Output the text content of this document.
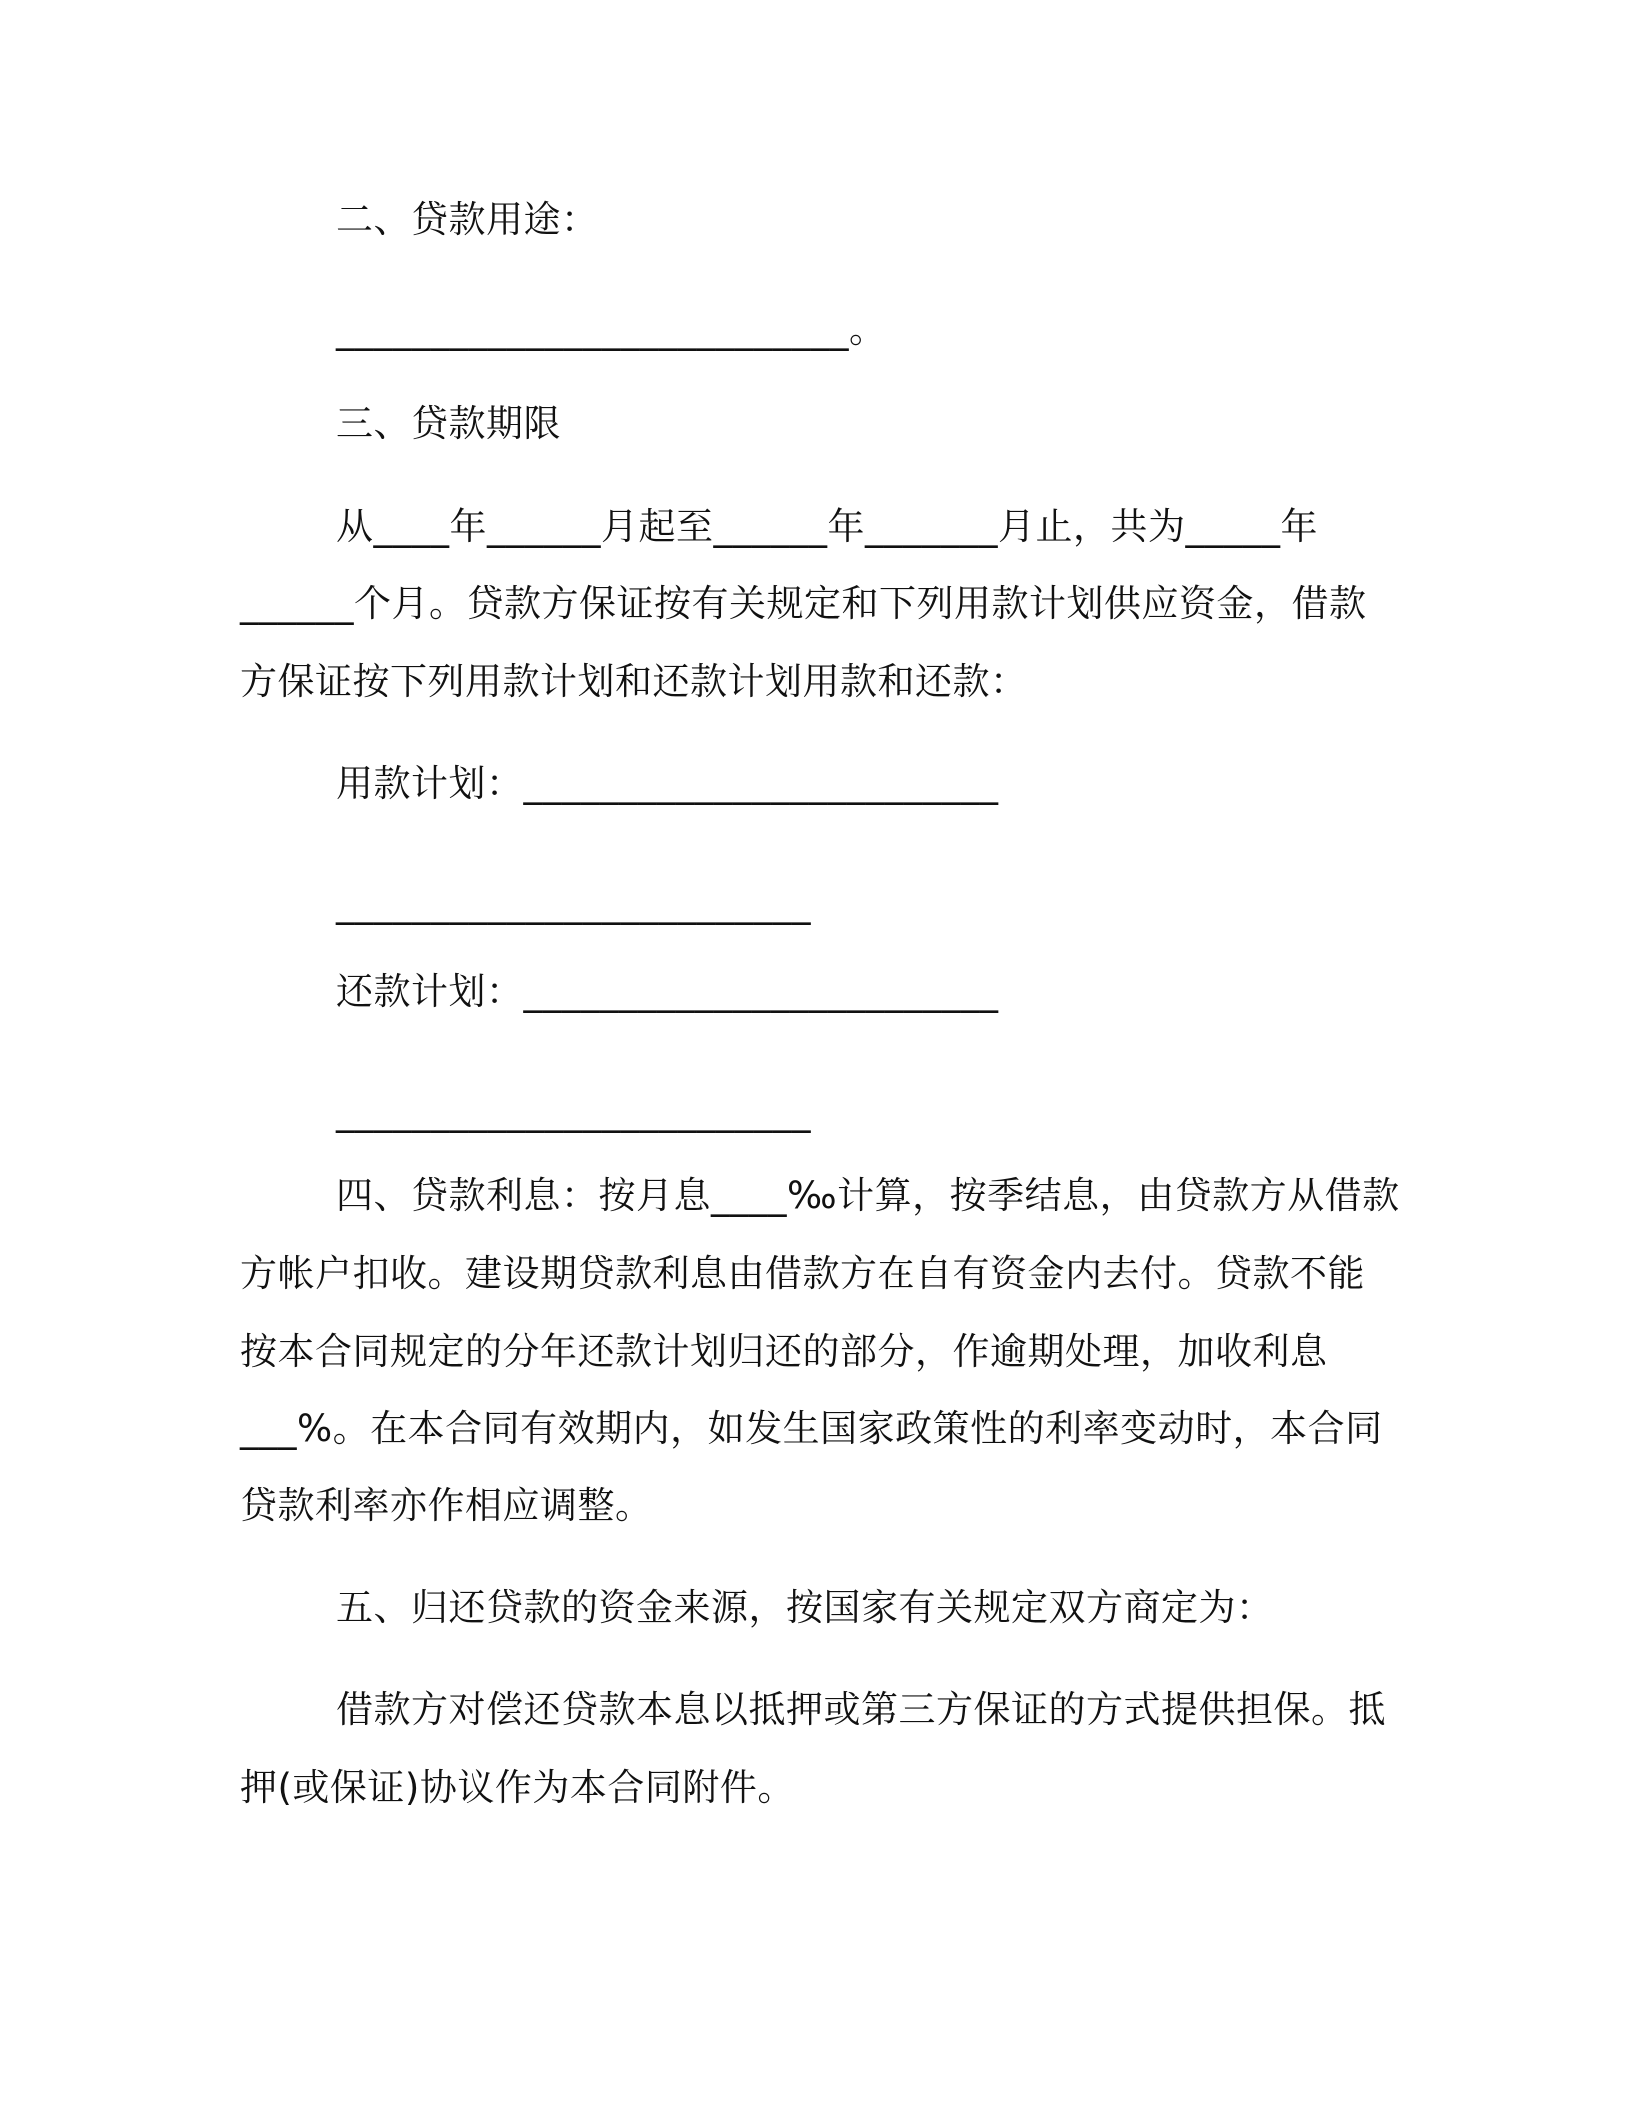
二、贷款用途：
___________________________。
三、贷款期限
从____年______月起至______年_______月止，共为_____年
______个月。贷款方保证按有关规定和下列用款计划供应资金，借款
方保证按下列用款计划和还款计划用款和还款：
用款计划：_________________________
_________________________
还款计划：_________________________
_________________________
四、贷款利息：按月息____‰计算，按季结息，由贷款方从借款
方帐户扣收。建设期贷款利息由借款方在自有资金内去付。贷款不能
按本合同规定的分年还款计划归还的部分，作逾期处理，加收利息
___%。在本合同有效期内，如发生国家政策性的利率变动时，本合同
贷款利率亦作相应调整。
五、归还贷款的资金来源，按国家有关规定双方商定为：
借款方对偿还贷款本息以抵押或第三方保证的方式提供担保。抵
押(或保证)协议作为本合同附件。
